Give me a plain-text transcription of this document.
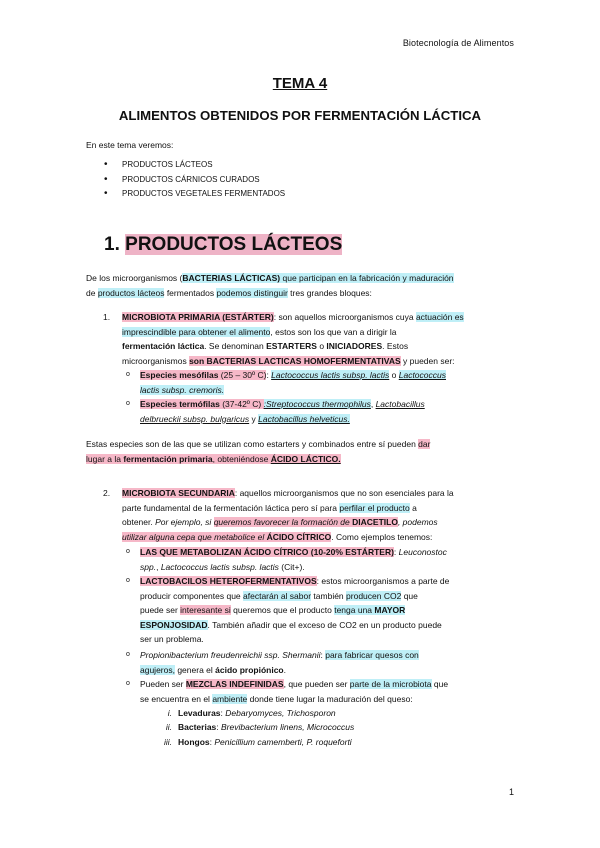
Biotecnología de Alimentos
TEMA 4
ALIMENTOS OBTENIDOS POR FERMENTACIÓN LÁCTICA
En este tema veremos:
• PRODUCTOS LÁCTEOS
• PRODUCTOS CÁRNICOS CURADOS
• PRODUCTOS VEGETALES FERMENTADOS
1. PRODUCTOS LÁCTEOS
De los microorganismos (BACTERIAS LÁCTICAS) que participan en la fabricación y maduración
de productos lácteos fermentados podemos distinguir tres grandes bloques:
1. MICROBIOTA PRIMARIA (ESTÁRTER): son aquellos microorganismos cuya actuación es
imprescindible para obtener el alimento, estos son los que van a dirigir la
fermentación láctica. Se denominan ESTARTERS o INICIADORES. Estos
microorganismos son BACTERIAS LACTICAS HOMOFERMENTATIVAS y pueden ser:
o Especies mesófilas (25 – 30º C): Lactococcus lactis subsp. lactis o Lactococcus
lactis subsp. cremoris.
o Especies termófilas (37-42º C) :Streptococcus thermophilus, Lactobacillus
delbrueckii subsp. bulgaricus y Lactobacillus helveticus.
Estas especies son de las que se utilizan como estarters y combinados entre sí pueden dar
lugar a la fermentación primaria, obteniéndose ÁCIDO LÁCTICO.
2. MICROBIOTA SECUNDARIA: aquellos microorganismos que no son esenciales para la
parte fundamental de la fermentación láctica pero sí para perfilar el producto a
obtener. Por ejemplo, si queremos favorecer la formación de DIACETILO, podemos
utilizar alguna cepa que metabolice el ÁCIDO CÍTRICO. Como ejemplos tenemos:
o LAS QUE METABOLIZAN ÁCIDO CÍTRICO (10-20% ESTÁRTER): Leuconostoc
spp., Lactococcus lactis subsp. lactis (Cit+).
o LACTOBACILOS HETEROFERMENTATIVOS: estos microorganismos a parte de
producir componentes que afectarán al sabor también producen CO2 que
puede ser interesante si queremos que el producto tenga una MAYOR
ESPONJOSIDAD. También añadir que el exceso de CO2 en un producto puede
ser un problema.
o Propionibacterium freudenreichii ssp. Shermanii: para fabricar quesos con
agujeros, genera el ácido propiónico.
o Pueden ser MEZCLAS INDEFINIDAS, que pueden ser parte de la microbiota que
se encuentra en el ambiente donde tiene lugar la maduración del queso:
i. Levaduras: Debaryomyces, Trichosporon
ii. Bacterias: Brevibacterium linens, Micrococcus
iii. Hongos: Penicillium camemberti, P. roqueforti
1
